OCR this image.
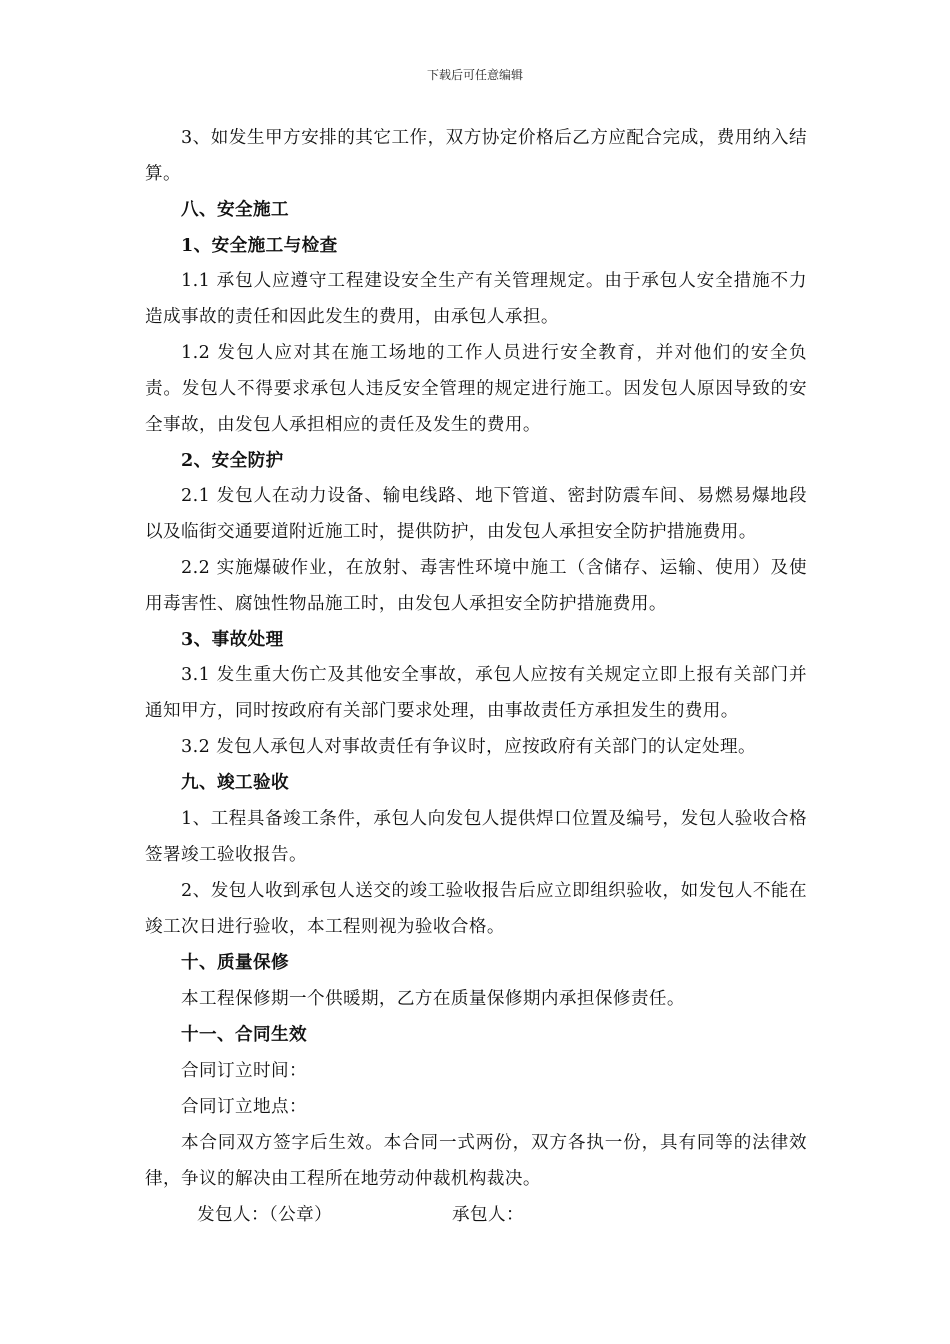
下载后可任意编辑

3、如发生甲方安排的其它工作，双方协定价格后乙方应配合完成，费用纳入结算。

八、安全施工

1、安全施工与检查

1.1 承包人应遵守工程建设安全生产有关管理规定。由于承包人安全措施不力造成事故的责任和因此发生的费用，由承包人承担。

1.2 发包人应对其在施工场地的工作人员进行安全教育，并对他们的安全负责。发包人不得要求承包人违反安全管理的规定进行施工。因发包人原因导致的安全事故，由发包人承担相应的责任及发生的费用。

2、安全防护

2.1 发包人在动力设备、输电线路、地下管道、密封防震车间、易燃易爆地段以及临街交通要道附近施工时，提供防护，由发包人承担安全防护措施费用。

2.2 实施爆破作业，在放射、毒害性环境中施工（含储存、运输、使用）及使用毒害性、腐蚀性物品施工时，由发包人承担安全防护措施费用。

3、事故处理

3.1 发生重大伤亡及其他安全事故，承包人应按有关规定立即上报有关部门并通知甲方，同时按政府有关部门要求处理，由事故责任方承担发生的费用。

3.2 发包人承包人对事故责任有争议时，应按政府有关部门的认定处理。

九、竣工验收

1、工程具备竣工条件，承包人向发包人提供焊口位置及编号，发包人验收合格签署竣工验收报告。

2、发包人收到承包人送交的竣工验收报告后应立即组织验收，如发包人不能在竣工次日进行验收，本工程则视为验收合格。

十、质量保修

本工程保修期一个供暖期，乙方在质量保修期内承担保修责任。

十一、合同生效

合同订立时间：

合同订立地点：

本合同双方签字后生效。本合同一式两份，双方各执一份，具有同等的法律效律，争议的解决由工程所在地劳动仲裁机构裁决。

发包人：（公章）	承包人：
